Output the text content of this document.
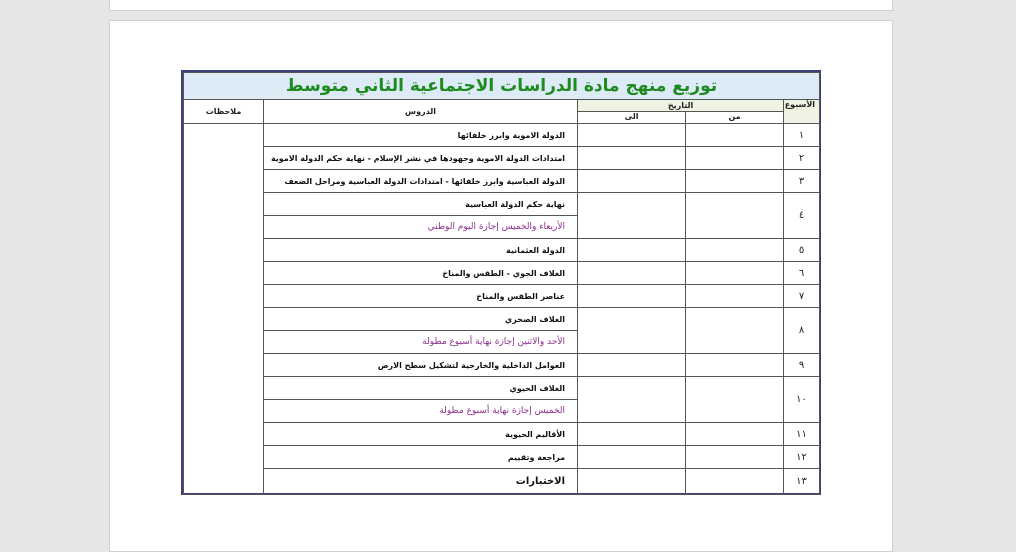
توزيع منهج مادة الدراسات الاجتماعية الثاني متوسط				
الأسبوع	التاريخ		الدروس	ملاحظات
	من	الى		
١			الدولة الاموية وابرز خلفائها	
٢			امتدادات الدولة الاموية وجهودها في نشر الإسلام - نهاية حكم الدولة الاموية	
٣			الدولة العباسية وابرز خلفائها - امتدادات الدولة العباسية ومراحل الضعف	
٤			نهاية حكم الدولة العباسية	
			الأربعاء والخميس إجازة اليوم الوطني	
٥			الدولة العثمانية	
٦			الغلاف الجوي - الطقس والمناخ	
٧			عناصر الطقس والمناخ	
٨			الغلاف الصخري	
			الأحد والاثنين إجازة نهاية أسبوع مطولة	
٩			العوامل الداخلية والخارجية لتشكيل سطح الارض	
١٠			الغلاف الحيوي	
			الخميس إجازة نهاية أسبوع مطولة	
١١			الأقاليم الحيوية	
١٢			مراجعة وتقييم	
١٣			الاختبارات	
